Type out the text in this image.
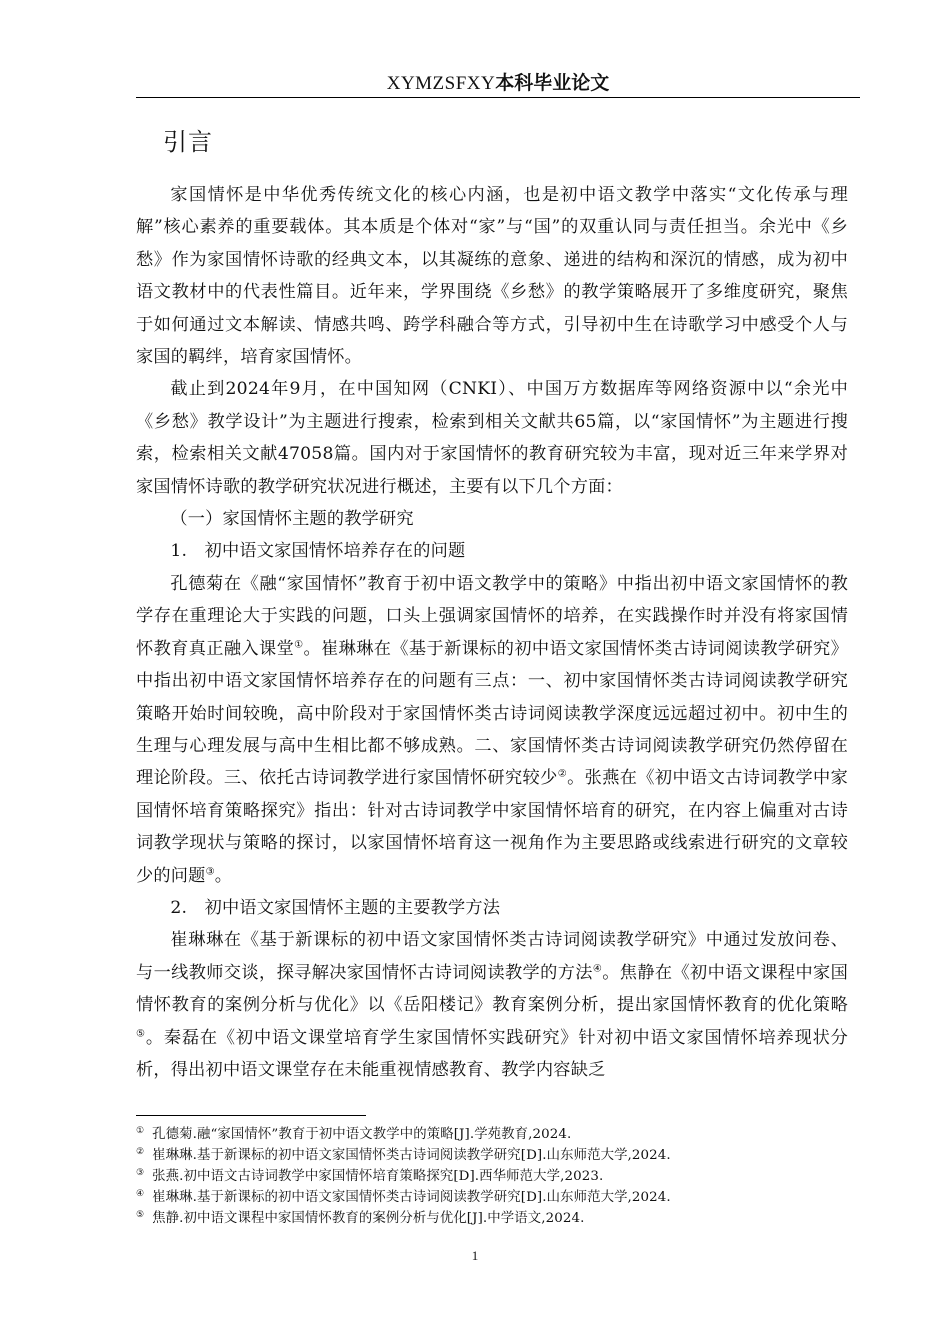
XYMZSFXY本科毕业论文
引言

家国情怀是中华优秀传统文化的核心内涵，也是初中语文教学中落实“文化传承与理解”核心素养的重要载体。其本质是个体对“家”与“国”的双重认同与责任担当。余光中《乡愁》作为家国情怀诗歌的经典文本，以其凝练的意象、递进的结构和深沉的情感，成为初中语文教材中的代表性篇目。近年来，学界围绕《乡愁》的教学策略展开了多维度研究，聚焦于如何通过文本解读、情感共鸣、跨学科融合等方式，引导初中生在诗歌学习中感受个人与家国的羁绊，培育家国情怀。

截止到2024年9月，在中国知网（CNKI）、中国万方数据库等网络资源中以“余光中《乡愁》教学设计”为主题进行搜索，检索到相关文献共65篇，以“家国情怀”为主题进行搜索，检索相关文献47058篇。国内对于家国情怀的教育研究较为丰富，现对近三年来学界对家国情怀诗歌的教学研究状况进行概述，主要有以下几个方面：

（一）家国情怀主题的教学研究

1.　初中语文家国情怀培养存在的问题

孔德菊在《融“家国情怀”教育于初中语文教学中的策略》中指出初中语文家国情怀的教学存在重理论大于实践的问题，口头上强调家国情怀的培养，在实践操作时并没有将家国情怀教育真正融入课堂①。崔琳琳在《基于新课标的初中语文家国情怀类古诗词阅读教学研究》中指出初中语文家国情怀培养存在的问题有三点：一、初中家国情怀类古诗词阅读教学研究策略开始时间较晚，高中阶段对于家国情怀类古诗词阅读教学深度远远超过初中。初中生的生理与心理发展与高中生相比都不够成熟。二、家国情怀类古诗词阅读教学研究仍然停留在理论阶段。三、依托古诗词教学进行家国情怀研究较少②。张燕在《初中语文古诗词教学中家国情怀培育策略探究》指出：针对古诗词教学中家国情怀培育的研究，在内容上偏重对古诗词教学现状与策略的探讨，以家国情怀培育这一视角作为主要思路或线索进行研究的文章较少的问题③。

2.　初中语文家国情怀主题的主要教学方法

崔琳琳在《基于新课标的初中语文家国情怀类古诗词阅读教学研究》中通过发放问卷、与一线教师交谈，探寻解决家国情怀古诗词阅读教学的方法④。焦静在《初中语文课程中家国情怀教育的案例分析与优化》以《岳阳楼记》教育案例分析，提出家国情怀教育的优化策略⑤。秦磊在《初中语文课堂培育学生家国情怀实践研究》针对初中语文家国情怀培养现状分析，得出初中语文课堂存在未能重视情感教育、教学内容缺乏

① 孔德菊.融“家国情怀”教育于初中语文教学中的策略[J].学苑教育,2024.
② 崔琳琳.基于新课标的初中语文家国情怀类古诗词阅读教学研究[D].山东师范大学,2024.
③ 张燕.初中语文古诗词教学中家国情怀培育策略探究[D].西华师范大学,2023.
④ 崔琳琳.基于新课标的初中语文家国情怀类古诗词阅读教学研究[D].山东师范大学,2024.
⑤ 焦静.初中语文课程中家国情怀教育的案例分析与优化[J].中学语文,2024.
1
